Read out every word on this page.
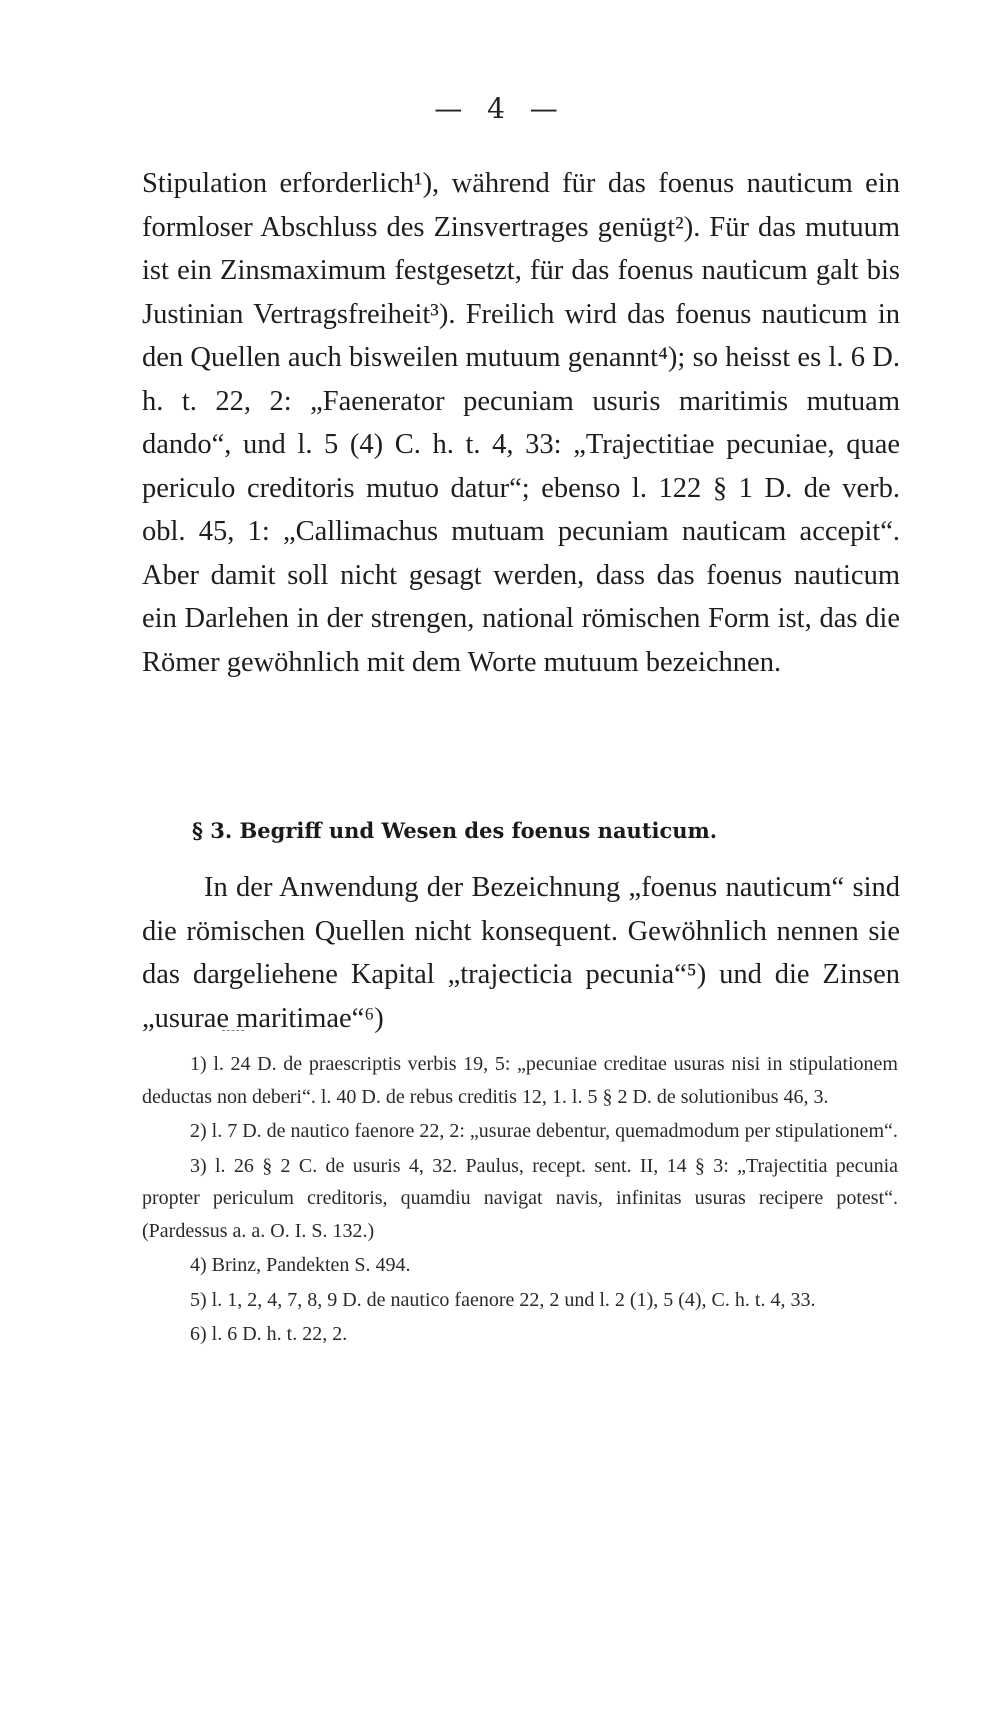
— 4 —

Stipulation erforderlich¹), während für das foenus nauticum ein formloser Abschluss des Zinsvertrages genügt²). Für das mutuum ist ein Zinsmaximum festgesetzt, für das foenus nauticum galt bis Justinian Vertragsfreiheit³). Freilich wird das foenus nauticum in den Quellen auch bisweilen mutuum genannt⁴); so heisst es l. 6 D. h. t. 22, 2: „Faenerator pecuniam usuris maritimis mutuam dando“, und l. 5 (4) C. h. t. 4, 33: „Trajectitiae pecuniae, quae periculo creditoris mutuo datur“; ebenso l. 122 § 1 D. de verb. obl. 45, 1: „Callimachus mutuam pecuniam nauticam accepit“. Aber damit soll nicht gesagt werden, dass das foenus nauticum ein Darlehen in der strengen, national römischen Form ist, das die Römer gewöhnlich mit dem Worte mutuum bezeichnen.

§ 3. Begriff und Wesen des foenus nauticum.

In der Anwendung der Bezeichnung „foenus nauticum“ sind die römischen Quellen nicht konsequent. Gewöhnlich nennen sie das dargeliehene Kapital „trajecticia pecunia“⁵) und die Zinsen „usurae maritimae“⁶)

1) l. 24 D. de praescriptis verbis 19, 5: „pecuniae creditae usuras nisi in stipulationem deductas non deberi“. l. 40 D. de rebus creditis 12, 1. l. 5 § 2 D. de solutionibus 46, 3.

2) l. 7 D. de nautico faenore 22, 2: „usurae debentur, quemadmodum per stipulationem“.

3) l. 26 § 2 C. de usuris 4, 32. Paulus, recept. sent. II, 14 § 3: „Trajectitia pecunia propter periculum creditoris, quamdiu navigat navis, infinitas usuras recipere potest“. (Pardessus a. a. O. I. S. 132.)

4) Brinz, Pandekten S. 494.

5) l. 1, 2, 4, 7, 8, 9 D. de nautico faenore 22, 2 und l. 2 (1), 5 (4), C. h. t. 4, 33.

6) l. 6 D. h. t. 22, 2.
